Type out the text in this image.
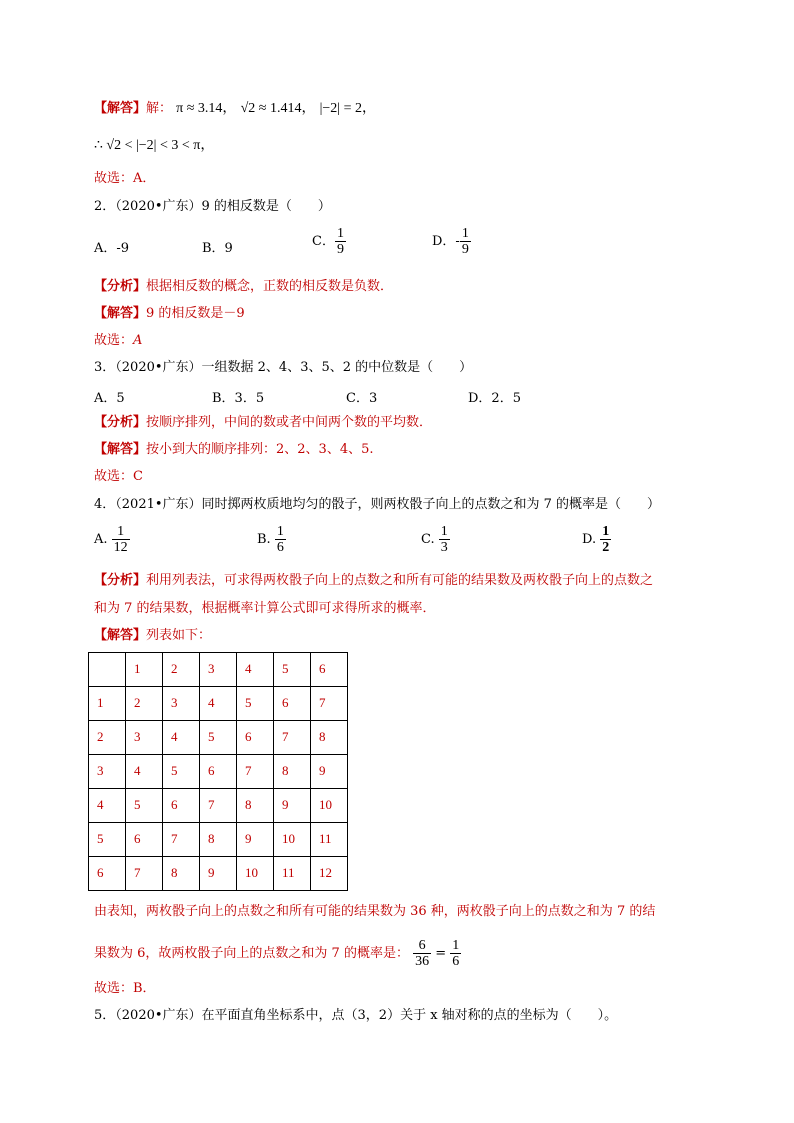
【解答】解： π ≈ 3.14， √2 ≈ 1.414， |−2| = 2，
∴ √2 < |−2| < 3 < π，
故选：A．
2．（2020•广东）9 的相反数是（　　）
A．-9	B．9	C． $\frac{1}{9}$	D．- $\frac{1}{9}$
【分析】根据相反数的概念，正数的相反数是负数．
【解答】9 的相反数是－9
故选：A
3．（2020•广东）一组数据 2、4、3、5、2 的中位数是（　　）
A．5	B．3．5	C．3	D．2．5
【分析】按顺序排列，中间的数或者中间两个数的平均数．
【解答】按小到大的顺序排列：2、2、3、4、5.
故选：C
4．（2021•广东）同时掷两枚质地均匀的骰子，则两枚骰子向上的点数之和为 7 的概率是（　　）
A. $\frac{1}{12}$	B. $\frac{1}{6}$	C. $\frac{1}{3}$	D. $\frac{1}{2}$
【分析】利用列表法，可求得两枚骰子向上的点数之和所有可能的结果数及两枚骰子向上的点数之
和为 7 的结果数，根据概率计算公式即可求得所求的概率．
【解答】列表如下：
	1	2	3	4	5	6
1	2	3	4	5	6	7
2	3	4	5	6	7	8
3	4	5	6	7	8	9
4	5	6	7	8	9	10
5	6	7	8	9	10	11
6	7	8	9	10	11	12
由表知，两枚骰子向上的点数之和所有可能的结果数为 36 种，两枚骰子向上的点数之和为 7 的结
果数为 6，故两枚骰子向上的点数之和为 7 的概率是： $\frac{6}{36} = \frac{1}{6}$
故选：B．
5．（2020•广东）在平面直角坐标系中，点（3，2）关于 x 轴对称的点的坐标为（　　）。
